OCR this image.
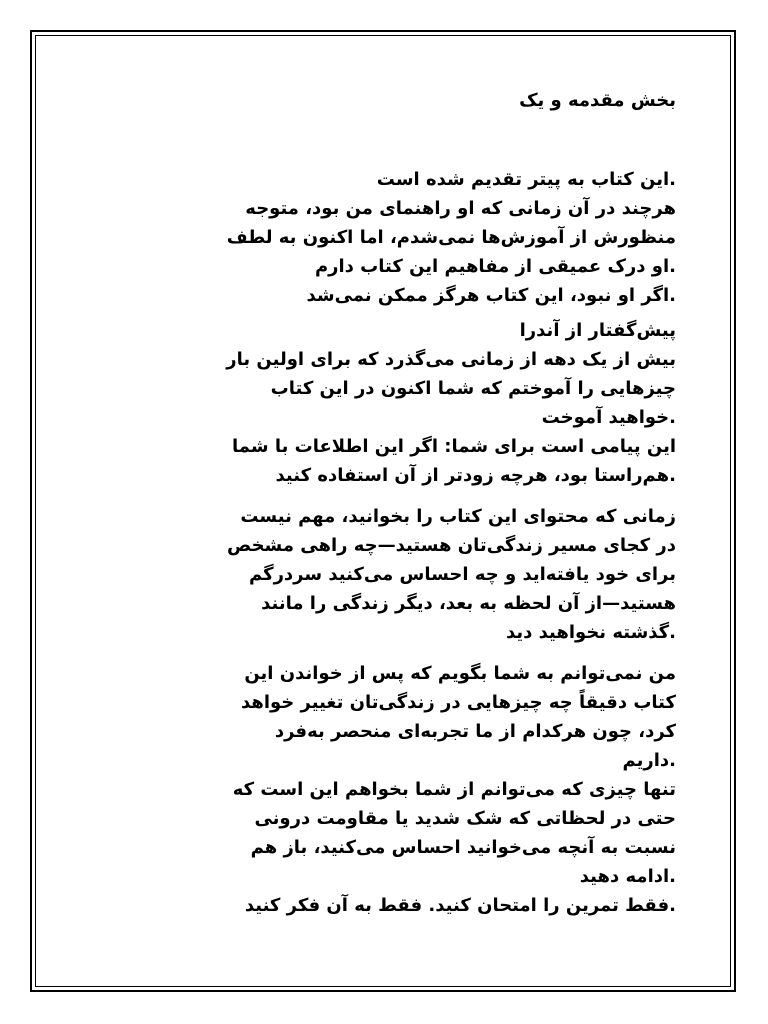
بخش مقدمه و یک
.این کتاب به پیتر تقدیم شده است
هرچند در آن زمانی که او راهنمای من بود، متوجه
منظورش از آموزش‌ها نمی‌شدم، اما اکنون به لطف
.او درک عمیقی از مفاهیم این کتاب دارم
.اگر او نبود، این کتاب هرگز ممکن نمی‌شد
پیش‌گفتار از آندرا
بیش از یک دهه از زمانی می‌گذرد که برای اولین بار
چیزهایی را آموختم که شما اکنون در این کتاب
.خواهید آموخت
این پیامی است برای شما: اگر این اطلاعات با شما
.هم‌راستا بود، هرچه زودتر از آن استفاده کنید
زمانی که محتوای این کتاب را بخوانید، مهم نیست
در کجای مسیر زندگی‌تان هستید—چه راهی مشخص
برای خود یافته‌اید و چه احساس می‌کنید سردرگم
هستید—از آن لحظه به بعد، دیگر زندگی را مانند
.گذشته نخواهید دید
من نمی‌توانم به شما بگویم که پس از خواندن این
کتاب دقیقاً چه چیزهایی در زندگی‌تان تغییر خواهد
کرد، چون هرکدام از ما تجربه‌ای منحصر به‌فرد
.داریم
تنها چیزی که می‌توانم از شما بخواهم این است که
حتی در لحظاتی که شک شدید یا مقاومت درونی
نسبت به آنچه می‌خوانید احساس می‌کنید، باز هم
.ادامه دهید
.فقط تمرین را امتحان کنید. فقط به آن فکر کنید
